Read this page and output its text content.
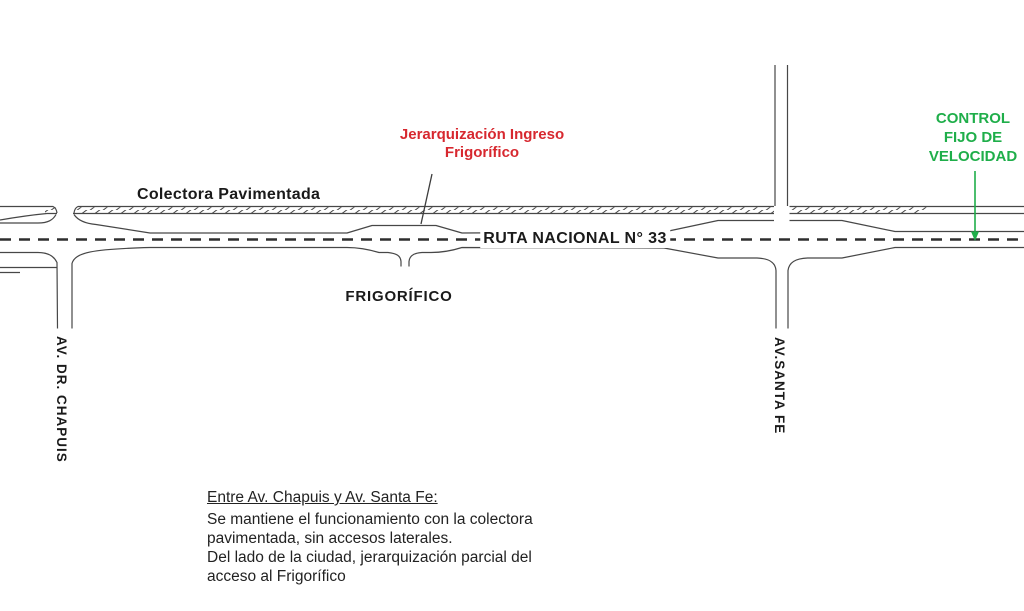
Colectora Pavimentada
Jerarquización Ingreso
Frigorífico
CONTROL
FIJO DE
VELOCIDAD
RUTA NACIONAL N° 33
FRIGORÍFICO
AV. DR. CHAPUIS	AV.SANTA FE
Entre Av. Chapuis y Av. Santa Fe:
Se mantiene el funcionamiento con la colectora
pavimentada, sin accesos laterales.
Del lado de la ciudad, jerarquización parcial del
acceso al Frigorífico
